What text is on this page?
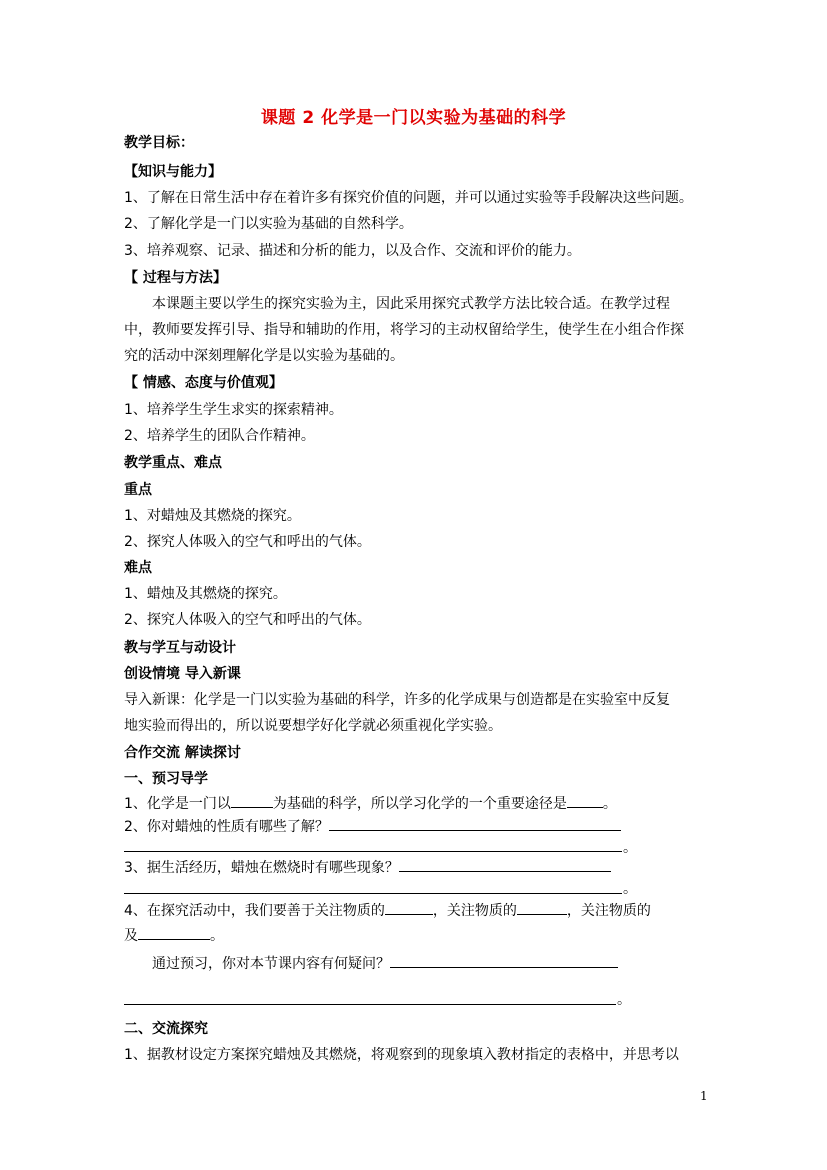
课题 2 化学是一门以实验为基础的科学
教学目标：
【知识与能力】
1、了解在日常生活中存在着许多有探究价值的问题，并可以通过实验等手段解决这些问题。
2、了解化学是一门以实验为基础的自然科学。
3、培养观察、记录、描述和分析的能力，以及合作、交流和评价的能力。
【 过程与方法】
本课题主要以学生的探究实验为主，因此采用探究式教学方法比较合适。在教学过程
中，教师要发挥引导、指导和辅助的作用，将学习的主动权留给学生，使学生在小组合作探
究的活动中深刻理解化学是以实验为基础的。
【 情感、态度与价值观】
1、培养学生学生求实的探索精神。
2、培养学生的团队合作精神。
教学重点、难点
重点
1、对蜡烛及其燃烧的探究。
2、探究人体吸入的空气和呼出的气体。
难点
1、蜡烛及其燃烧的探究。
2、探究人体吸入的空气和呼出的气体。
教与学互与动设计
创设情境 导入新课
导入新课：化学是一门以实验为基础的科学，许多的化学成果与创造都是在实验室中反复
地实验而得出的，所以说要想学好化学就必须重视化学实验。
合作交流 解读探讨
一、预习导学
1、化学是一门以	为基础的科学，所以学习化学的一个重要途径是	。
2、你对蜡烛的性质有哪些了解？
。
3、据生活经历，蜡烛在燃烧时有哪些现象？
。
4、在探究活动中，我们要善于关注物质的	，关注物质的	，关注物质的
及	。
通过预习，你对本节课内容有何疑问？
。
二、交流探究
1、据教材设定方案探究蜡烛及其燃烧，将观察到的现象填入教材指定的表格中，并思考以
1
